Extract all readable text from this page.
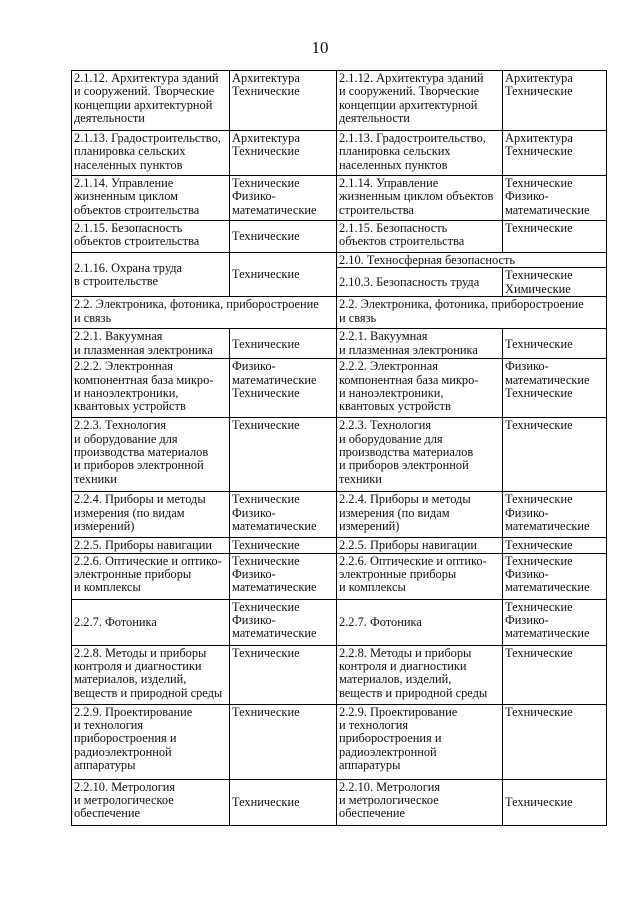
10
2.1.12. Архитектура зданий
и сооружений. Творческие
концепции архитектурной
деятельности	Архитектура
Технические	2.1.12. Архитектура зданий
и сооружений. Творческие
концепции архитектурной
деятельности	Архитектура
Технические
2.1.13. Градостроительство,
планировка сельских
населенных пунктов	Архитектура
Технические	2.1.13. Градостроительство,
планировка сельских
населенных пунктов	Архитектура
Технические
2.1.14. Управление
жизненным циклом
объектов строительства	Технические
Физико-
математические	2.1.14. Управление
жизненным циклом объектов
строительства	Технические
Физико-
математические
2.1.15. Безопасность
объектов строительства	Технические	2.1.15. Безопасность
объектов строительства	Технические
2.1.16. Охрана труда
в строительстве	Технические	2.10. Техносферная безопасность	
		2.10.3. Безопасность труда	Технические
Химические
2.2. Электроника, фотоника, приборостроение
и связь		2.2. Электроника, фотоника, приборостроение
и связь	
2.2.1. Вакуумная
и плазменная электроника	Технические	2.2.1. Вакуумная
и плазменная электроника	Технические
2.2.2. Электронная
компонентная база микро-
и наноэлектроники,
квантовых устройств	Физико-
математические
Технические	2.2.2. Электронная
компонентная база микро-
и наноэлектроники,
квантовых устройств	Физико-
математические
Технические
2.2.3. Технология
и оборудование для
производства материалов
и приборов электронной
техники	Технические	2.2.3. Технология
и оборудование для
производства материалов
и приборов электронной
техники	Технические
2.2.4. Приборы и методы
измерения (по видам
измерений)	Технические
Физико-
математические	2.2.4. Приборы и методы
измерения (по видам
измерений)	Технические
Физико-
математические
2.2.5. Приборы навигации	Технические	2.2.5. Приборы навигации	Технические
2.2.6. Оптические и оптико-
электронные приборы
и комплексы	Технические
Физико-
математические	2.2.6. Оптические и оптико-
электронные приборы
и комплексы	Технические
Физико-
математические
2.2.7. Фотоника	Технические
Физико-
математические	2.2.7. Фотоника	Технические
Физико-
математические
2.2.8. Методы и приборы
контроля и диагностики
материалов, изделий,
веществ и природной среды	Технические	2.2.8. Методы и приборы
контроля и диагностики
материалов, изделий,
веществ и природной среды	Технические
2.2.9. Проектирование
и технология
приборостроения и
радиоэлектронной
аппаратуры	Технические	2.2.9. Проектирование
и технология
приборостроения и
радиоэлектронной
аппаратуры	Технические
2.2.10. Метрология
и метрологическое
обеспечение	Технические	2.2.10. Метрология
и метрологическое
обеспечение	Технические
